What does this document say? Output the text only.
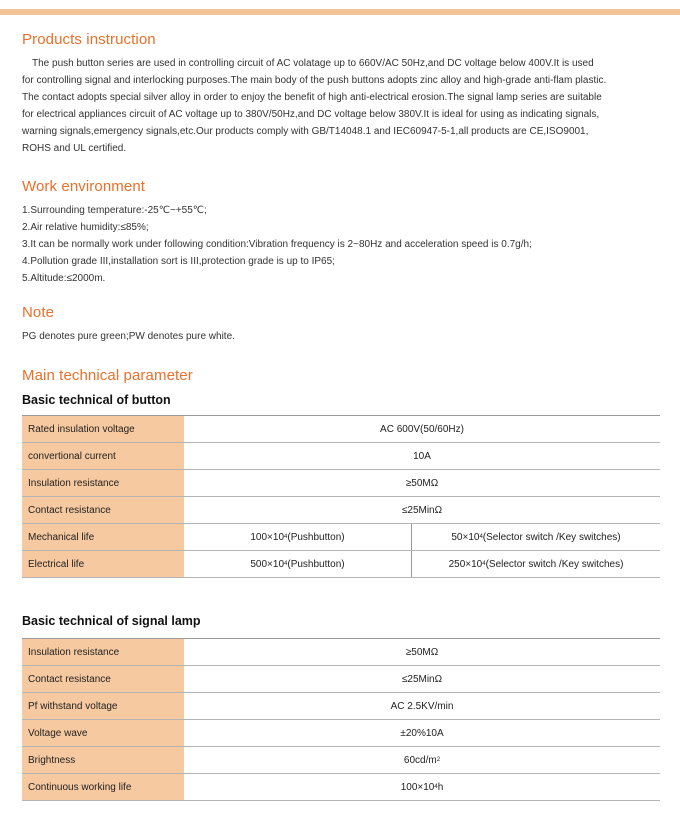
Products instruction

The push button series are used in controlling circuit of AC volatage up to 660V/AC 50Hz,and DC voltage below 400V.It is used

for controlling signal and interlocking purposes.The main body of the push buttons adopts zinc alloy and high-grade anti-flam plastic.

The contact adopts special silver alloy in order to enjoy the benefit of high anti-electrical erosion.The signal lamp series are suitable

for electrical appliances circuit of AC voltage up to 380V/50Hz,and DC voltage below 380V.It is ideal for using as indicating signals,

warning signals,emergency signals,etc.Our products comply with GB/T14048.1 and IEC60947-5-1,all products are CE,ISO9001,

ROHS and UL certified.

Work environment

1.Surrounding temperature:-25℃~+55℃;

2.Air relative humidity:≤85%;

3.It can be normally work under following condition:Vibration frequency is 2~80Hz and acceleration speed is 0.7g/h;

4.Pollution grade III,installation sort is III,protection grade is up to IP65;

5.Altitude:≤2000m.

Note

PG denotes pure green;PW denotes pure white.

Main technical parameter
Basic technical of button
Rated insulation voltage	AC 600V(50/60Hz)
convertional current	10A
Insulation resistance	≥50MΩ
Contact resistance	≤25MinΩ
Mechanical life	100×10 4 (Pushbutton)	50×10 4 (Selector switch /Key switches)
Electrical life	500×10 4 (Pushbutton)	250×10 4 (Selector switch /Key switches)
Basic technical of signal lamp
Insulation resistance	≥50MΩ
Contact resistance	≤25MinΩ
Pf withstand voltage	AC 2.5KV/min
Voltage wave	±20%10A
Brightness	60cd/m 2
Continuous working life	100×10 4 h
